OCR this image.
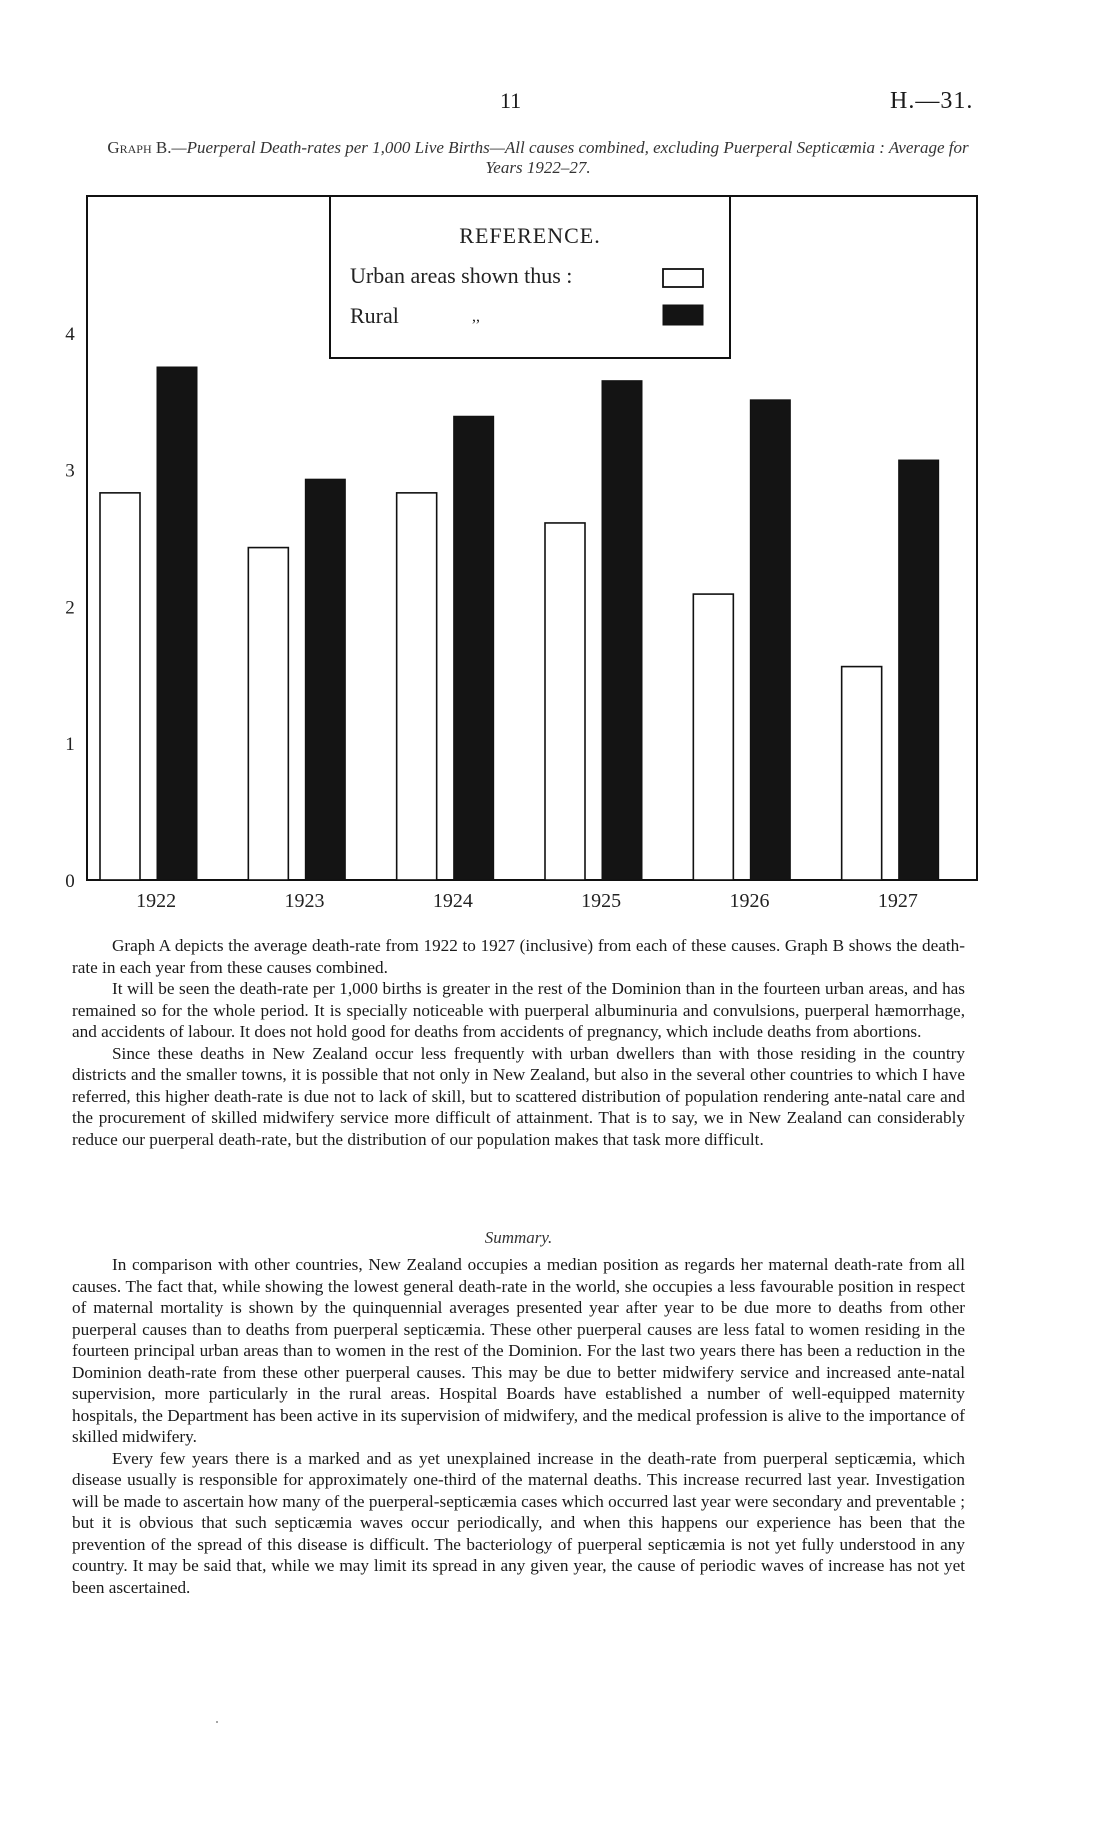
11	H.—31.
Graph B.—Puerperal Death-rates per 1,000 Live Births—All causes combined, excluding Puerperal Septicæmia : Average for Years 1922–27.
0
1
2
3
4
1922	1923	1924	1925	1926	1927
REFERENCE.
Urban areas shown thus :
Rural	,,

Graph A depicts the average death-rate from 1922 to 1927 (inclusive) from each of these causes. Graph B shows the death-rate in each year from these causes combined.

It will be seen the death-rate per 1,000 births is greater in the rest of the Dominion than in the fourteen urban areas, and has remained so for the whole period. It is specially noticeable with puerperal albuminuria and convulsions, puerperal hæmorrhage, and accidents of labour. It does not hold good for deaths from accidents of pregnancy, which include deaths from abortions.

Since these deaths in New Zealand occur less frequently with urban dwellers than with those residing in the country districts and the smaller towns, it is possible that not only in New Zealand, but also in the several other countries to which I have referred, this higher death-rate is due not to lack of skill, but to scattered distribution of population rendering ante-natal care and the procurement of skilled midwifery service more difficult of attainment. That is to say, we in New Zealand can considerably reduce our puerperal death-rate, but the distribution of our population makes that task more difficult.

Summary.

In comparison with other countries, New Zealand occupies a median position as regards her maternal death-rate from all causes. The fact that, while showing the lowest general death-rate in the world, she occupies a less favourable position in respect of maternal mortality is shown by the quinquennial averages presented year after year to be due more to deaths from other puerperal causes than to deaths from puerperal septicæmia. These other puerperal causes are less fatal to women residing in the fourteen principal urban areas than to women in the rest of the Dominion. For the last two years there has been a reduction in the Dominion death-rate from these other puerperal causes. This may be due to better midwifery service and increased ante-natal supervision, more particularly in the rural areas. Hospital Boards have established a number of well-equipped maternity hospitals, the Department has been active in its supervision of midwifery, and the medical profession is alive to the importance of skilled midwifery.

Every few years there is a marked and as yet unexplained increase in the death-rate from puerperal septicæmia, which disease usually is responsible for approximately one-third of the maternal deaths. This increase recurred last year. Investigation will be made to ascertain how many of the puerperal-septicæmia cases which occurred last year were secondary and preventable ; but it is obvious that such septicæmia waves occur periodically, and when this happens our experience has been that the prevention of the spread of this disease is difficult. The bacteriology of puerperal septicæmia is not yet fully understood in any country. It may be said that, while we may limit its spread in any given year, the cause of periodic waves of increase has not yet been ascertained.
